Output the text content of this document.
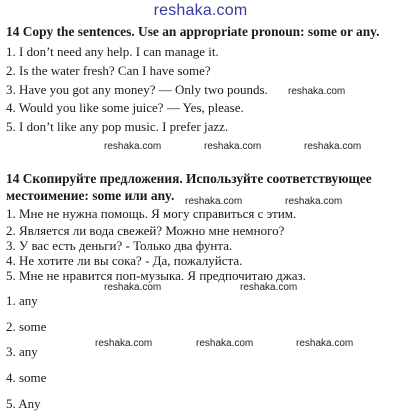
reshaka.com
14 Copy the sentences. Use an appropriate pronoun: some or any.
1. I don’t need any help. I can manage it.
2. Is the water fresh? Can I have some?
3. Have you got any money? — Only two pounds.
4. Would you like some juice? — Yes, please.
5. I don’t like any pop music. I prefer jazz.
reshaka.com
reshaka.com	reshaka.com	reshaka.com
14 Скопируйте предложения. Используйте соответствующее
местоимение: some или any. reshaka.com	reshaka.com
1. Мне не нужна помощь. Я могу справиться с этим.
2. Является ли вода свежей? Можно мне немного?
3. У вас есть деньги? - Только два фунта.
4. Не хотите ли вы сока? - Да, пожалуйста.
5. Мне не нравится поп-музыка. Я предпочитаю джаз.
reshaka.com	reshaka.com
1. any
2. some
reshaka.com	reshaka.com	reshaka.com
3. any
4. some
5. Any
